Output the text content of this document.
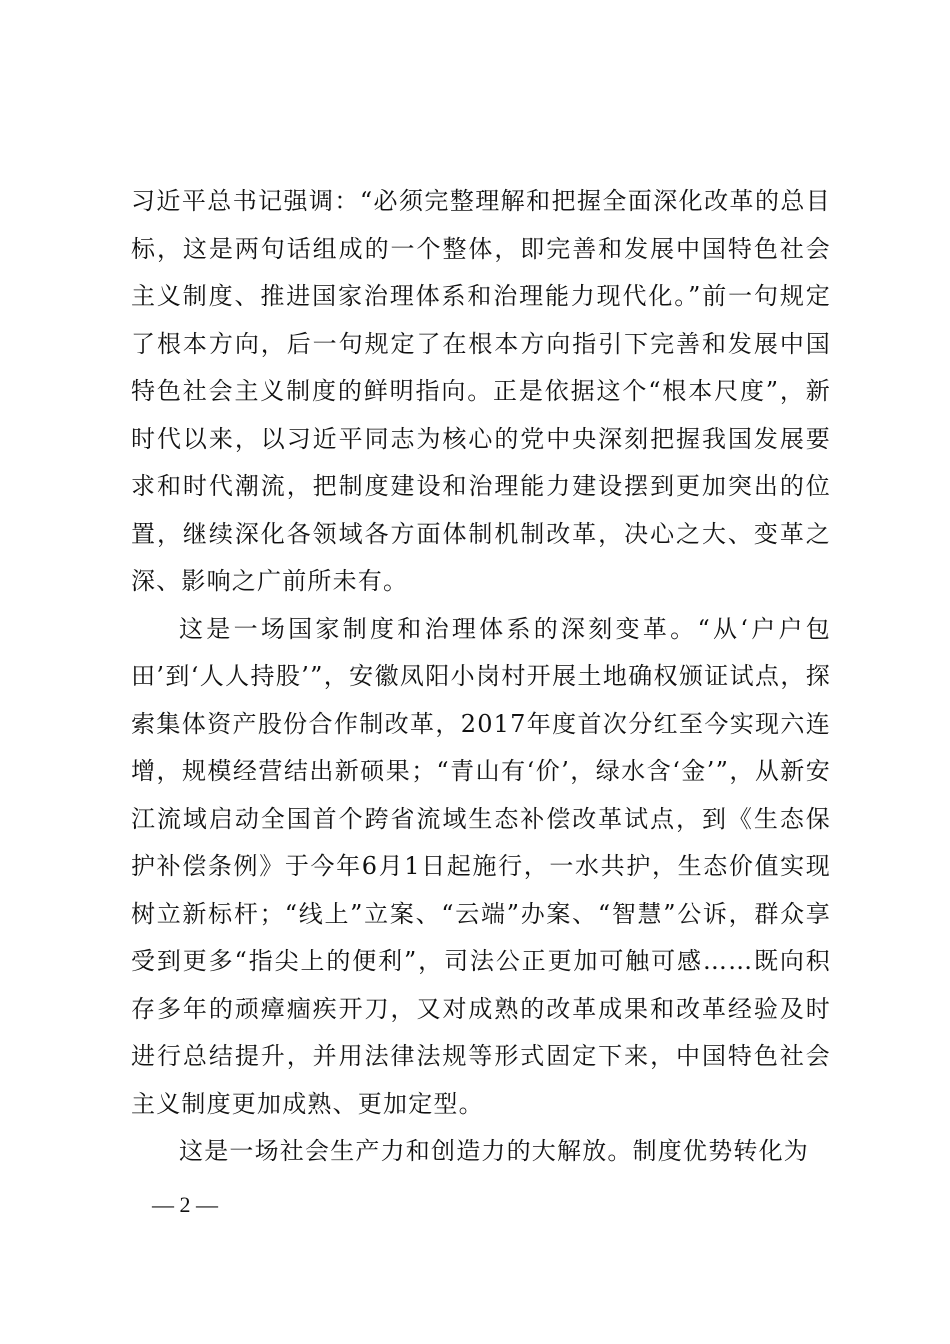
习近平总书记强调：“必须完整理解和把握全面深化改革的总目标，这是两句话组成的一个整体，即完善和发展中国特色社会主义制度、推进国家治理体系和治理能力现代化。”前一句规定了根本方向，后一句规定了在根本方向指引下完善和发展中国特色社会主义制度的鲜明指向。正是依据这个“根本尺度”，新时代以来，以习近平同志为核心的党中央深刻把握我国发展要求和时代潮流，把制度建设和治理能力建设摆到更加突出的位置，继续深化各领域各方面体制机制改革，决心之大、变革之深、影响之广前所未有。

这是一场国家制度和治理体系的深刻变革。“从‘户户包田’到‘人人持股’”，安徽凤阳小岗村开展土地确权颁证试点，探索集体资产股份合作制改革，2017年度首次分红至今实现六连增，规模经营结出新硕果；“青山有‘价’，绿水含‘金’”，从新安江流域启动全国首个跨省流域生态补偿改革试点，到《生态保护补偿条例》于今年6月1日起施行，一水共护，生态价值实现树立新标杆；“线上”立案、“云端”办案、“智慧”公诉，群众享受到更多“指尖上的便利”，司法公正更加可触可感……既向积存多年的顽瘴痼疾开刀，又对成熟的改革成果和改革经验及时进行总结提升，并用法律法规等形式固定下来，中国特色社会主义制度更加成熟、更加定型。

这是一场社会生产力和创造力的大解放。制度优势转化为

— 2 —
